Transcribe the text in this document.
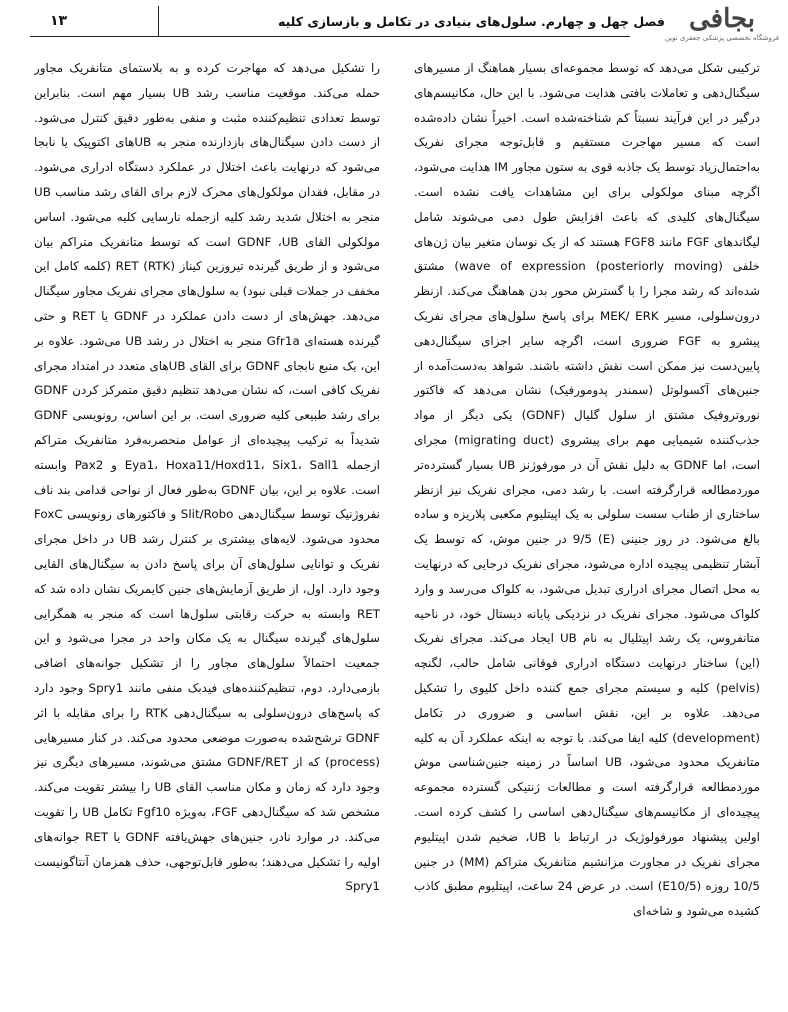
فصل چهل و چهارم. سلول‌های بنیادی در تکامل و بازسازی کلیه
۱۳	ﺑﺠﺎﻓﯽ
فروشگاه تخصصی پزشکی جعفری نوین

ترکیبی شکل می‌دهد که توسط مجموعه‌ای بسیار هماهنگ از مسیرهای سیگنال‌دهی و تعاملات بافتی هدایت می‌شود. با این حال، مکانیسم‌های درگیر در این فرآیند نسبتاً کم شناخته‌شده است. اخیراً نشان داده‌شده است که مسیر مهاجرت مستقیم و قابل‌توجه مجرای نفریک به‌احتمال‌زیاد توسط یک جاذبه قوی به ستون مجاور IM هدایت می‌شود، اگرچه مبنای مولکولی برای این مشاهدات یافت نشده است. سیگنال‌های کلیدی که باعث افزایش طول دمی می‌شوند شامل لیگاندهای FGF مانند FGF8 هستند که از یک نوسان متغیر بیان ژن‌های خلفی (posteriorly moving) wave of expression) مشتق شده‌اند که رشد مجرا را با گسترش محور بدن هماهنگ می‌کند. ازنظر درون‌سلولی، مسیر MEK/ ERK برای پاسخ سلول‌های مجرای نفریک پیشرو به FGF ضروری است، اگرچه سایر اجزای سیگنال‌دهی پایین‌دست نیز ممکن است نقش داشته باشند. شواهد به‌دست‌آمده از جنین‌های آکسولوتل (سمندر پدومورفیک) نشان می‌دهد که فاکتور نوروتروفیک مشتق از سلول گلیال (GDNF) یکی دیگر از مواد جذب‌کننده شیمیایی مهم برای پیشروی (migrating duct) مجرای است، اما GDNF به دلیل نقش آن در مورفوژنز UB بسیار گسترده‌تر موردمطالعه قرارگرفته است. با رشد دمی، مجرای نفریک نیز ازنظر ساختاری از طناب سست سلولی به یک اپیتلیوم مکعبی پلاریزه و ساده بالغ می‌شود. در روز جنینی (E) 9/5 در جنین موش، که توسط یک آبشار تنظیمی پیچیده اداره می‌شود، مجرای نفریک درجایی که درنهایت به محل اتصال مجرای ادراری تبدیل می‌شود، به کلواک می‌رسد و وارد کلواک می‌شود. مجرای نفریک در نزدیکی پایانه دیستال خود، در ناحیه متانفروس، یک رشد اپیتلیال به نام UB ایجاد می‌کند. مجرای نفریک (این) ساختار درنهایت دستگاه ادراری فوقانی شامل حالب، لگنچه (pelvis) کلیه و سیستم مجرای جمع کننده داخل کلیوی را تشکیل می‌دهد. علاوه بر این، نقش اساسی و ضروری در تکامل (development) کلیه ایفا می‌کند. با توجه به اینکه عملکرد آن به کلیه متانفریک محدود می‌شود، UB اساساً در زمینه جنین‌شناسی موش موردمطالعه قرارگرفته است و مطالعات ژنتیکی گسترده مجموعه پیچیده‌ای از مکانیسم‌های سیگنال‌دهی اساسی را کشف کرده است. اولین پیشنهاد مورفولوژیک در ارتباط با UB، ضخیم شدن اپیتلیوم مجرای نفریک در مجاورت مزانشیم متانفریک متراکم (MM) در جنین 10/5 روزه (E10/5) است. در عرض 24 ساعت، اپیتلیوم مطبق کاذب کشیده می‌شود و شاخه‌ای

را تشکیل می‌دهد که مهاجرت کرده و به بلاستمای متانفریک مجاور حمله می‌کند. موقعیت مناسب رشد UB بسیار مهم است. بنابراین توسط تعدادی تنظیم‌کننده مثبت و منفی به‌طور دقیق کنترل می‌شود. از دست دادن سیگنال‌های بازدارنده منجر به UBهای اکتوپیک یا نابجا می‌شود که درنهایت باعث اختلال در عملکرد دستگاه ادراری می‌شود. در مقابل، فقدان مولکول‌های محرک لازم برای القای رشد مناسب UB منجر به اختلال شدید رشد کلیه ازجمله نارسایی کلیه می‌شود. اساس مولکولی القای GDNF ،UB است که توسط متانفریک متراکم بیان می‌شود و از طریق گیرنده تیروزین کیناز RET (RTK) (کلمه کامل این مخفف در جملات قبلی نبود) به سلول‌های مجرای نفریک مجاور سیگنال می‌دهد. جهش‌های از دست دادن عملکرد در GDNF یا RET و حتی گیرنده هسته‌ای Gfr1a منجر به اختلال در رشد UB می‌شود. علاوه بر این، یک منبع نابجای GDNF برای القای UBهای متعدد در امتداد مجرای نفریک کافی است، که نشان می‌دهد تنظیم دقیق متمرکز کردن GDNF برای رشد طبیعی کلیه ضروری است. بر این اساس، رونویسی GDNF شدیداً به ترکیب پیچیده‌ای از عوامل منحصربه‌فرد متانفریک متراکم ازجمله Eya1، Hoxa11/Hoxd11، Six1، Sall1 و Pax2 وابسته است. علاوه بر این، بیان GDNF به‌طور فعال از نواحی قدامی بند ناف نفروژنیک توسط سیگنال‌دهی Slit/Robo و فاکتورهای رونویسی FoxC محدود می‌شود. لایه‌های بیشتری بر کنترل رشد UB در داخل مجرای نفریک و توانایی سلول‌های آن برای پاسخ دادن به سیگنال‌های القایی وجود دارد. اول، از طریق آزمایش‌های جنین کایمریک نشان داده شد که RET وابسته به حرکت رقابتی سلول‌ها است که منجر به همگرایی سلول‌های گیرنده سیگنال به یک مکان واحد در مجرا می‌شود و این جمعیت احتمالاً سلول‌های مجاور را از تشکیل جوانه‌های اضافی بازمی‌دارد. دوم، تنظیم‌کننده‌های فیدبک منفی مانند Spry1 وجود دارد که پاسخ‌های درون‌سلولی به سیگنال‌دهی RTK را برای مقابله با اثر GDNF ترشح‌شده به‌صورت موضعی محدود می‌کند. در کنار مسیرهایی (process) که از GDNF/RET مشتق می‌شوند، مسیرهای دیگری نیز وجود دارد که زمان و مکان مناسب القای UB را بیشتر تقویت می‌کند. مشخص شد که سیگنال‌دهی FGF، به‌ویژه Fgf10 تکامل UB را تقویت می‌کند. در موارد نادر، جنین‌های جهش‌یافته GDNF یا RET جوانه‌های اولیه را تشکیل می‌دهند؛ به‌طور قابل‌توجهی، حذف همزمان آنتاگونیست Spry1
